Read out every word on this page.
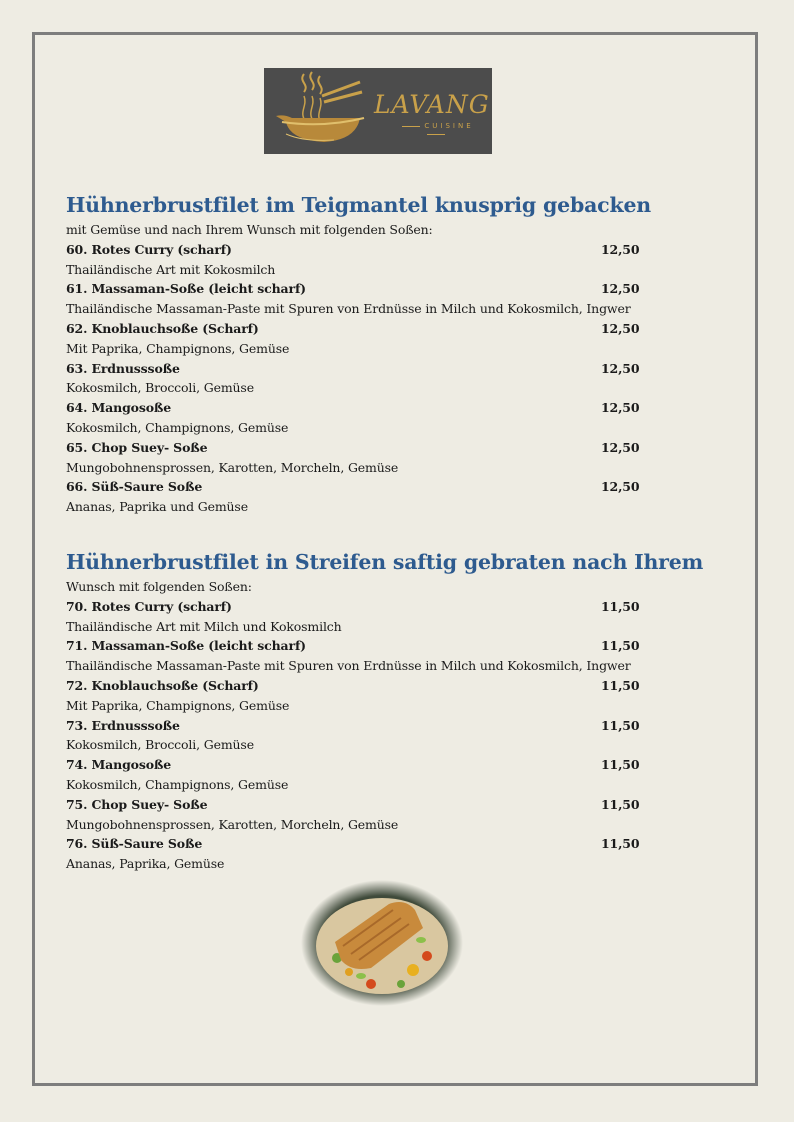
LAVANG
CUISINE
Hühnerbrustfilet im Teigmantel knusprig gebacken
mit Gemüse und nach Ihrem Wunsch mit folgenden Soßen:
60. Rotes Curry (scharf)	12,50
Thailändische Art mit Kokosmilch
61. Massaman-Soße (leicht scharf)	12,50
Thailändische Massaman-Paste mit Spuren von Erdnüsse in Milch und Kokosmilch, Ingwer
62. Knoblauchsoße (Scharf)	12,50
Mit Paprika, Champignons, Gemüse
63. Erdnusssoße	12,50
Kokosmilch, Broccoli, Gemüse
64. Mangosoße	12,50
Kokosmilch, Champignons, Gemüse
65. Chop Suey- Soße	12,50
Mungobohnensprossen, Karotten, Morcheln, Gemüse
66. Süß-Saure Soße	12,50
Ananas, Paprika und Gemüse
Hühnerbrustfilet in Streifen saftig gebraten nach Ihrem
Wunsch mit folgenden Soßen:
70. Rotes Curry (scharf)	11,50
Thailändische Art mit Milch und Kokosmilch
71. Massaman-Soße (leicht scharf)	11,50
Thailändische Massaman-Paste mit Spuren von Erdnüsse in Milch und Kokosmilch, Ingwer
72. Knoblauchsoße (Scharf)	11,50
Mit Paprika, Champignons, Gemüse
73. Erdnusssoße	11,50
Kokosmilch, Broccoli, Gemüse
74. Mangosoße	11,50
Kokosmilch, Champignons, Gemüse
75. Chop Suey- Soße	11,50
Mungobohnensprossen, Karotten, Morcheln, Gemüse
76. Süß-Saure Soße	11,50
Ananas, Paprika, Gemüse
